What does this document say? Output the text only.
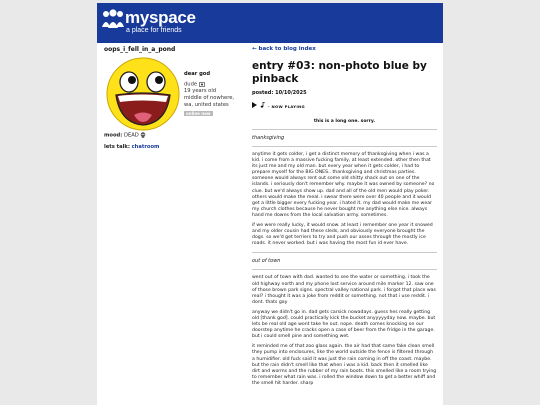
myspace
a place for friends
oops_i_fell_in_a_pond
dear god
dude
19 years old
middle of nowhere,
wa, united states
online now
mood: DEAD
lets talk: chatroom
← back to blog index
entry #03: non-photo blue by pinback
posted: 10/10/2025
- NOW PLAYING
this is a long one. sorry.
thanksgiving

anytime it gets colder, i get a distinct memory of thanksgiving when i was a kid. i come from a massive fucking family, at least extended. other then that its just me and my old man. but every year when it gets colder, i had to prepare myself for the BIG ONES.. thanksgiving and christmas parties. someone would always rent out some old shitty shack out on one of the islands. i seriously don't remember why. maybe it was owned by someone? no clue. but we'd always show up. dad and all of the old men would play poker. others would make the meal. i swear there were over 40 people and it would get a little bigger every fucking year. i hated it. my dad would make me wear my church clothes because he never bought me anything else nice. always hand me downs from the local salvation army. sometimes.

if we were really lucky, it would snow. at least i remember one year it snowed and my older cousin had these sleds, and obviously everyone brought the dogs. so we'd get terriers to try and push our asses through the mostly ice roads. it never worked. but i was having the most fun id ever have.

out of town

went out of town with dad. wanted to see the water or something. i took the old highway north and my phone lost service around mile marker 12. saw one of those brown park signs. spectral valley national park. i forgot that place was real? i thought it was a joke from reddit or something. not that i use reddit. i dont. thats gay

anyway we didn't go in. dad gets carsick nowadays. guess hes really getting old [thank god]. could practically kick the bucket anyyyyyday now. maybe. but lets be real old age wont take he out. nope. death comes knocking on our doorstep anytime he cracks open a case of beer from the fridge in the garage. but i could smell pine and something wet.

it reminded me of that zoo glass again. the air had that same fake clean smell they pump into enclosures, like the world outside the fence is filtered through a humidifier. old fuck said it was just the rain coming in off the coast. maybe. but the rain didn't smell like that when i was a kid. back then it smelled like dirt and worms and the rubber of my rain boots. this smelled like a room trying to remember what rain was. i rolled the window down to get a better whiff and the smell hit harder. sharp
